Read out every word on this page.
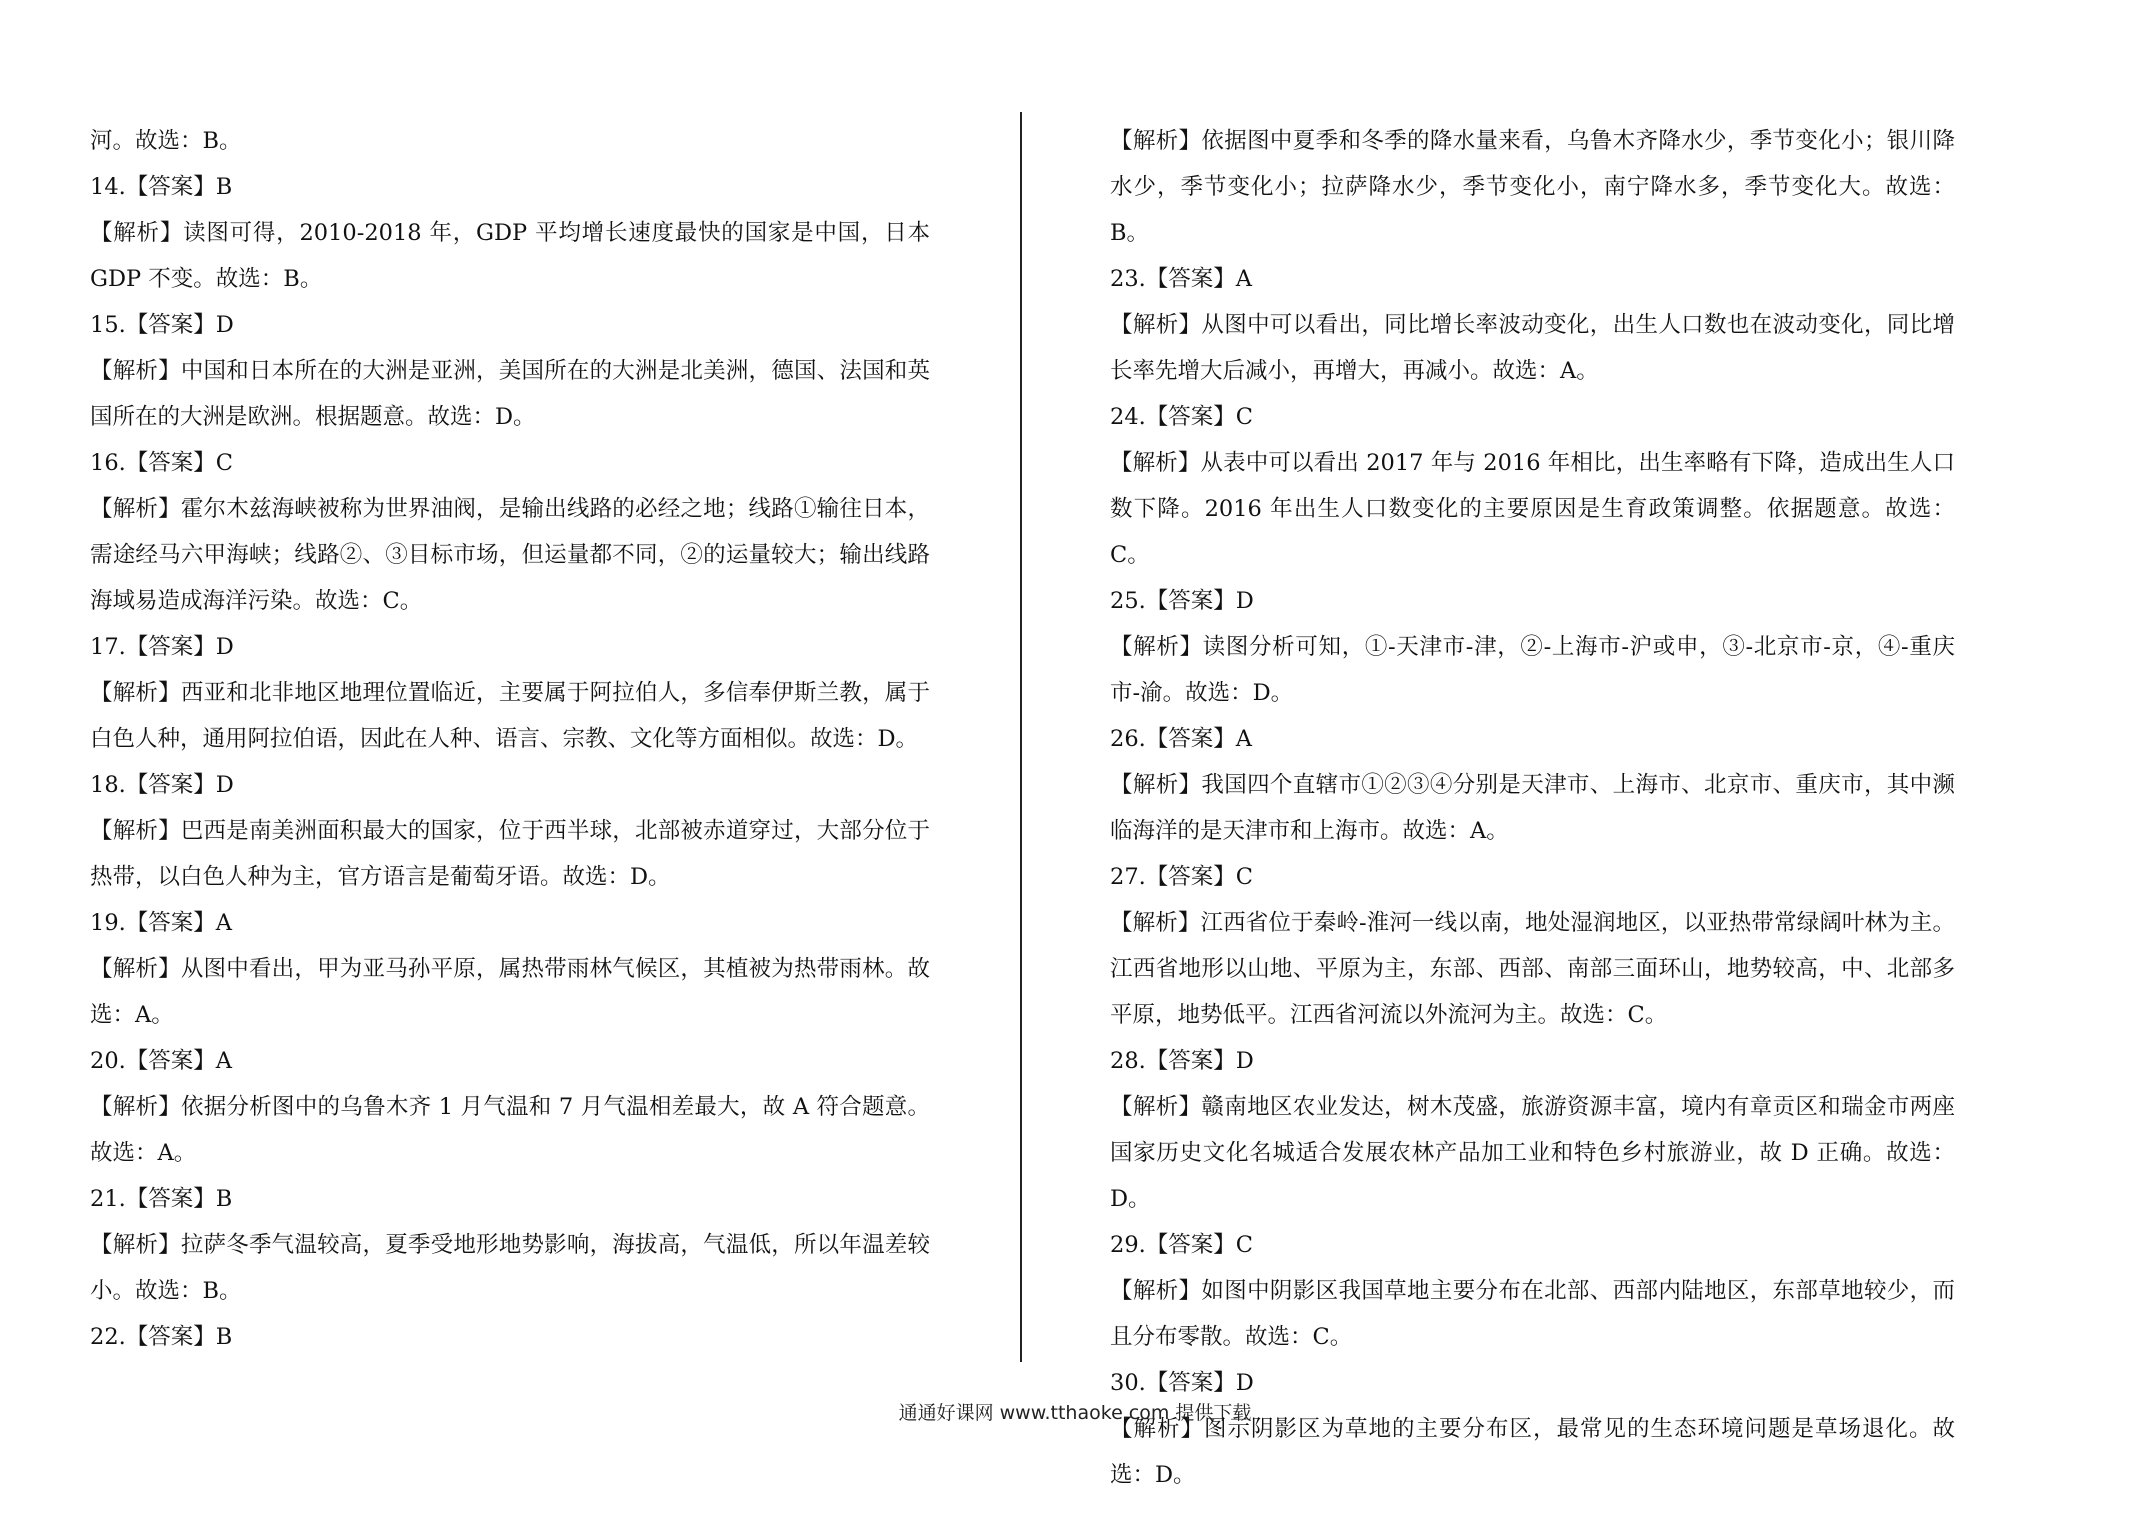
河。故选：B。

14.【答案】B

【解析】读图可得，2010-2018 年，GDP 平均增长速度最快的国家是中国，日本 GDP 不变。故选：B。

15.【答案】D

【解析】中国和日本所在的大洲是亚洲，美国所在的大洲是北美洲，德国、法国和英国所在的大洲是欧洲。根据题意。故选：D。

16.【答案】C

【解析】霍尔木兹海峡被称为世界油阀，是输出线路的必经之地；线路①输往日本，需途经马六甲海峡；线路②、③目标市场，但运量都不同，②的运量较大；输出线路海域易造成海洋污染。故选：C。

17.【答案】D

【解析】西亚和北非地区地理位置临近，主要属于阿拉伯人，多信奉伊斯兰教，属于白色人种，通用阿拉伯语，因此在人种、语言、宗教、文化等方面相似。故选：D。

18.【答案】D

【解析】巴西是南美洲面积最大的国家，位于西半球，北部被赤道穿过，大部分位于热带，以白色人种为主，官方语言是葡萄牙语。故选：D。

19.【答案】A

【解析】从图中看出，甲为亚马孙平原，属热带雨林气候区，其植被为热带雨林。故选：A。

20.【答案】A

【解析】依据分析图中的乌鲁木齐 1 月气温和 7 月气温相差最大，故 A 符合题意。故选：A。

21.【答案】B

【解析】拉萨冬季气温较高，夏季受地形地势影响，海拔高，气温低，所以年温差较小。故选：B。

22.【答案】B

【解析】依据图中夏季和冬季的降水量来看，乌鲁木齐降水少，季节变化小；银川降水少，季节变化小；拉萨降水少，季节变化小，南宁降水多，季节变化大。故选：B。

23.【答案】A

【解析】从图中可以看出，同比增长率波动变化，出生人口数也在波动变化，同比增长率先增大后减小，再增大，再减小。故选：A。

24.【答案】C

【解析】从表中可以看出 2017 年与 2016 年相比，出生率略有下降，造成出生人口数下降。2016 年出生人口数变化的主要原因是生育政策调整。依据题意。故选：C。

25.【答案】D

【解析】读图分析可知，①-天津市-津，②-上海市-沪或申，③-北京市-京，④-重庆市-渝。故选：D。

26.【答案】A

【解析】我国四个直辖市①②③④分别是天津市、上海市、北京市、重庆市，其中濒临海洋的是天津市和上海市。故选：A。

27.【答案】C

【解析】江西省位于秦岭-淮河一线以南，地处湿润地区，以亚热带常绿阔叶林为主。江西省地形以山地、平原为主，东部、西部、南部三面环山，地势较高，中、北部多平原，地势低平。江西省河流以外流河为主。故选：C。

28.【答案】D

【解析】赣南地区农业发达，树木茂盛，旅游资源丰富，境内有章贡区和瑞金市两座国家历史文化名城适合发展农林产品加工业和特色乡村旅游业，故 D 正确。故选：D。

29.【答案】C

【解析】如图中阴影区我国草地主要分布在北部、西部内陆地区，东部草地较少，而且分布零散。故选：C。

30.【答案】D

【解析】图示阴影区为草地的主要分布区，最常见的生态环境问题是草场退化。故选：D。

通通好课网 www.tthaoke.com 提供下载
